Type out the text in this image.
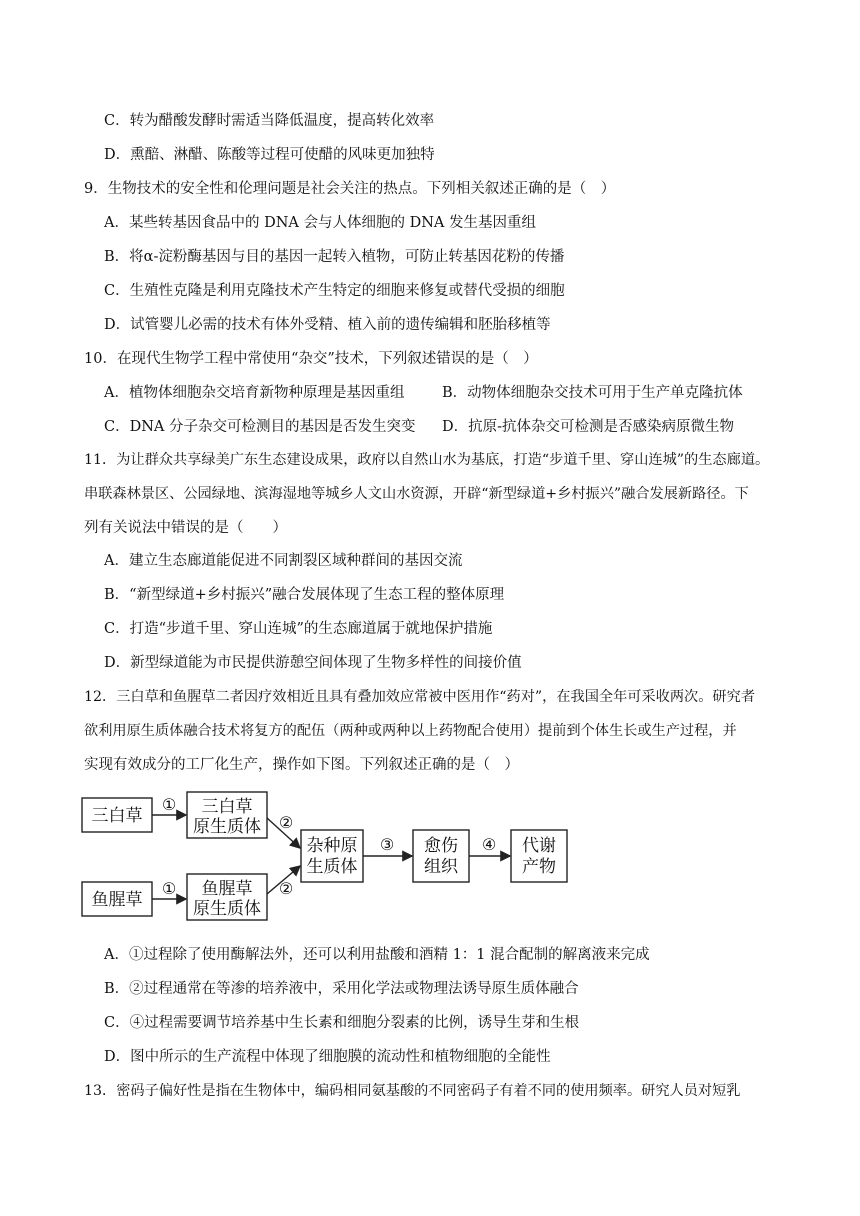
C．转为醋酸发酵时需适当降低温度，提高转化效率
D．熏醅、淋醋、陈酸等过程可使醋的风味更加独特
9．生物技术的安全性和伦理问题是社会关注的热点。下列相关叙述正确的是（　）
A．某些转基因食品中的 DNA 会与人体细胞的 DNA 发生基因重组
B．将α-淀粉酶基因与目的基因一起转入植物，可防止转基因花粉的传播
C．生殖性克隆是利用克隆技术产生特定的细胞来修复或替代受损的细胞
D．试管婴儿必需的技术有体外受精、植入前的遗传编辑和胚胎移植等
10．在现代生物学工程中常使用“杂交”技术，下列叙述错误的是（　）
A．植物体细胞杂交培育新物种原理是基因重组	B．动物体细胞杂交技术可用于生产单克隆抗体
C．DNA 分子杂交可检测目的基因是否发生突变 D．抗原-抗体杂交可检测是否感染病原微生物
11．为让群众共享绿美广东生态建设成果，政府以自然山水为基底，打造“步道千里、穿山连城”的生态廊道。
串联森林景区、公园绿地、滨海湿地等城乡人文山水资源，开辟“新型绿道+乡村振兴”融合发展新路径。下
列有关说法中错误的是（　　）
A．建立生态廊道能促进不同割裂区域种群间的基因交流
B．“新型绿道+乡村振兴”融合发展体现了生态工程的整体原理
C．打造“步道千里、穿山连城”的生态廊道属于就地保护措施
D．新型绿道能为市民提供游憩空间体现了生物多样性的间接价值
12．三白草和鱼腥草二者因疗效相近且具有叠加效应常被中医用作“药对”，在我国全年可采收两次。研究者
欲利用原生质体融合技术将复方的配伍（两种或两种以上药物配合使用）提前到个体生长或生产过程，并
实现有效成分的工厂化生产，操作如下图。下列叙述正确的是（　）
三白草
鱼腥草
三白草
原生质体
鱼腥草
原生质体
杂种原
生质体
愈伤
组织
代谢
产物
①
①
②
②
③	④
A．①过程除了使用酶解法外，还可以利用盐酸和酒精 1：1 混合配制的解离液来完成
B．②过程通常在等渗的培养液中，采用化学法或物理法诱导原生质体融合
C．④过程需要调节培养基中生长素和细胞分裂素的比例，诱导生芽和生根
D．图中所示的生产流程中体现了细胞膜的流动性和植物细胞的全能性
13．密码子偏好性是指在生物体中，编码相同氨基酸的不同密码子有着不同的使用频率。研究人员对短乳
